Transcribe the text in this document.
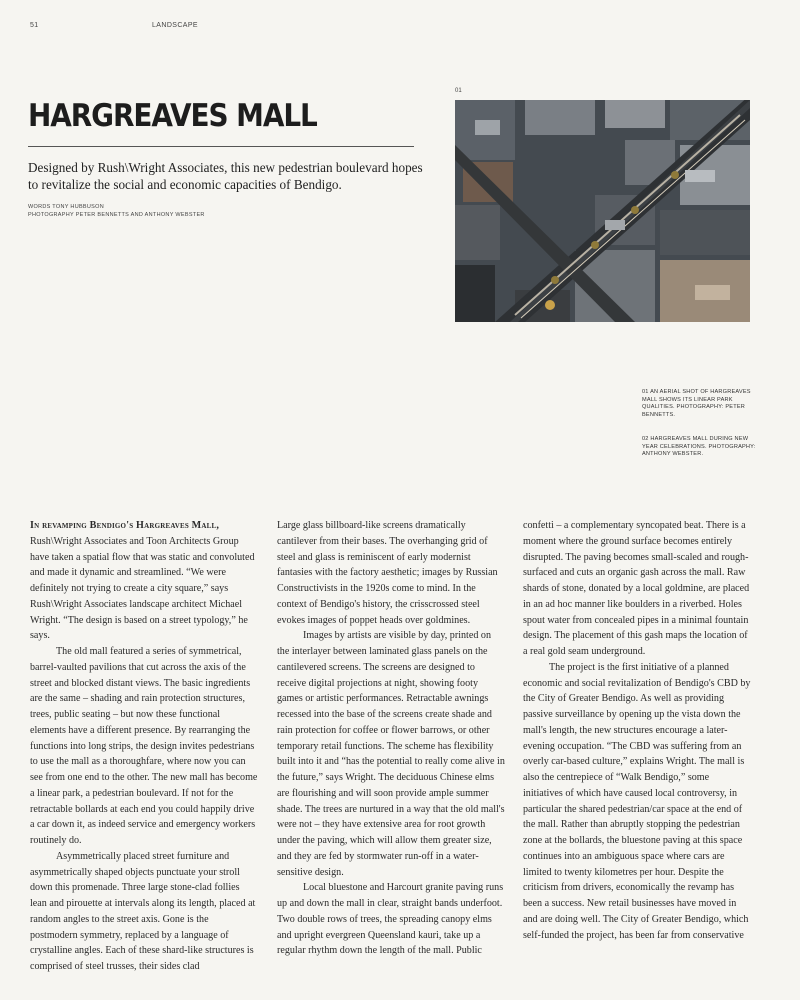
51	LANDSCAPE
HARGREAVES MALL

Designed by Rush\Wright Associates, this new pedestrian boulevard hopes to revitalize the social and economic capacities of Bendigo.

WORDS TONY HUBBUSON
PHOTOGRAPHY PETER BENNETTS AND ANTHONY WEBSTER
01
01 AN AERIAL SHOT OF HARGREAVES MALL SHOWS ITS LINEAR PARK QUALITIES. PHOTOGRAPHY: PETER BENNETTS.
02 HARGREAVES MALL DURING NEW YEAR CELEBRATIONS. PHOTOGRAPHY: ANTHONY WEBSTER.

In revamping Bendigo's Hargreaves Mall, Rush\Wright Associates and Toon Architects Group have taken a spatial flow that was static and convoluted and made it dynamic and streamlined. “We were definitely not trying to create a city square,” says Rush\Wright Associates landscape architect Michael Wright. “The design is based on a street typology,” he says.

The old mall featured a series of symmetrical, barrel-vaulted pavilions that cut across the axis of the street and blocked distant views. The basic ingredients are the same – shading and rain protection structures, trees, public seating – but now these functional elements have a different presence. By rearranging the functions into long strips, the design invites pedestrians to use the mall as a thoroughfare, where now you can see from one end to the other. The new mall has become a linear park, a pedestrian boulevard. If not for the retractable bollards at each end you could happily drive a car down it, as indeed service and emergency workers routinely do.

Asymmetrically placed street furniture and asymmetrically shaped objects punctuate your stroll down this promenade. Three large stone-clad follies lean and pirouette at intervals along its length, placed at random angles to the street axis. Gone is the postmodern symmetry, replaced by a language of crystalline angles. Each of these shard-like structures is comprised of steel trusses, their sides clad

Large glass billboard-like screens dramatically cantilever from their bases. The overhanging grid of steel and glass is reminiscent of early modernist fantasies with the factory aesthetic; images by Russian Constructivists in the 1920s come to mind. In the context of Bendigo's history, the crisscrossed steel evokes images of poppet heads over goldmines.

Images by artists are visible by day, printed on the interlayer between laminated glass panels on the cantilevered screens. The screens are designed to receive digital projections at night, showing footy games or artistic performances. Retractable awnings recessed into the base of the screens create shade and rain protection for coffee or flower barrows, or other temporary retail functions. The scheme has flexibility built into it and “has the potential to really come alive in the future,” says Wright. The deciduous Chinese elms are flourishing and will soon provide ample summer shade. The trees are nurtured in a way that the old mall's were not – they have extensive area for root growth under the paving, which will allow them greater size, and they are fed by stormwater run-off in a water-sensitive design.

Local bluestone and Harcourt granite paving runs up and down the mall in clear, straight bands underfoot. Two double rows of trees, the spreading canopy elms and upright evergreen Queensland kauri, take up a regular rhythm down the length of the mall. Public

confetti – a complementary syncopated beat. There is a moment where the ground surface becomes entirely disrupted. The paving becomes small-scaled and rough-surfaced and cuts an organic gash across the mall. Raw shards of stone, donated by a local goldmine, are placed in an ad hoc manner like boulders in a riverbed. Holes spout water from concealed pipes in a minimal fountain design. The placement of this gash maps the location of a real gold seam underground.

The project is the first initiative of a planned economic and social revitalization of Bendigo's CBD by the City of Greater Bendigo. As well as providing passive surveillance by opening up the vista down the mall's length, the new structures encourage a later-evening occupation. “The CBD was suffering from an overly car-based culture,” explains Wright. The mall is also the centrepiece of “Walk Bendigo,” some initiatives of which have caused local controversy, in particular the shared pedestrian/car space at the end of the mall. Rather than abruptly stopping the pedestrian zone at the bollards, the bluestone paving at this space continues into an ambiguous space where cars are limited to twenty kilometres per hour. Despite the criticism from drivers, economically the revamp has been a success. New retail businesses have moved in and are doing well. The City of Greater Bendigo, which self-funded the project, has been far from conservative
